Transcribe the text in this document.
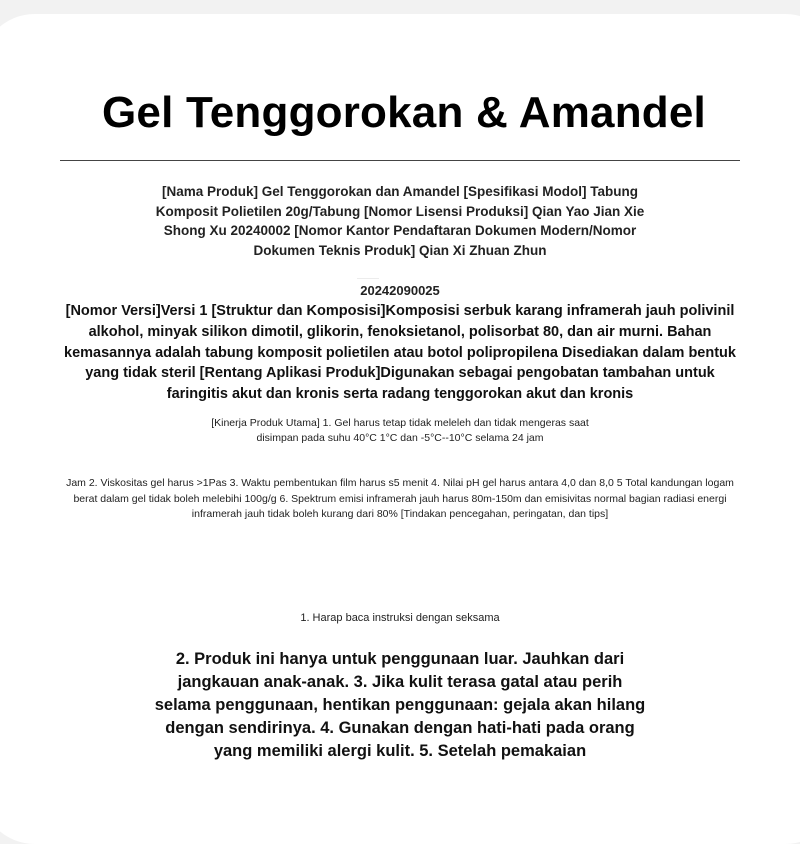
Gel Tenggorokan & Amandel

[Nama Produk] Gel Tenggorokan dan Amandel [Spesifikasi Modol] Tabung Komposit Polietilen 20g/Tabung [Nomor Lisensi Produksi] Qian Yao Jian Xie Shong Xu 20240002 [Nomor Kantor Pendaftaran Dokumen Modern/Nomor Dokumen Teknis Produk] Qian Xi Zhuan Zhun

···········

20242090025

[Nomor Versi]Versi 1 [Struktur dan Komposisi]Komposisi serbuk karang inframerah jauh polivinil alkohol, minyak silikon dimotil, glikorin, fenoksietanol, polisorbat 80, dan air murni. Bahan kemasannya adalah tabung komposit polietilen atau botol polipropilena Disediakan dalam bentuk yang tidak steril [Rentang Aplikasi Produk]Digunakan sebagai pengobatan tambahan untuk faringitis akut dan kronis serta radang tenggorokan akut dan kronis

[Kinerja Produk Utama] 1. Gel harus tetap tidak meleleh dan tidak mengeras saat disimpan pada suhu 40°C 1°C dan -5°C--10°C selama 24 jam

Jam 2. Viskositas gel harus >1Pas 3. Waktu pembentukan film harus s5 menit 4. Nilai pH gel harus antara 4,0 dan 8,0 5 Total kandungan logam berat dalam gel tidak boleh melebihi 100g/g 6. Spektrum emisi inframerah jauh harus 80m-150m dan emisivitas normal bagian radiasi energi inframerah jauh tidak boleh kurang dari 80% [Tindakan pencegahan, peringatan, dan tips]

1. Harap baca instruksi dengan seksama

2. Produk ini hanya untuk penggunaan luar. Jauhkan dari jangkauan anak-anak. 3. Jika kulit terasa gatal atau perih selama penggunaan, hentikan penggunaan: gejala akan hilang dengan sendirinya. 4. Gunakan dengan hati-hati pada orang yang memiliki alergi kulit. 5. Setelah pemakaian
